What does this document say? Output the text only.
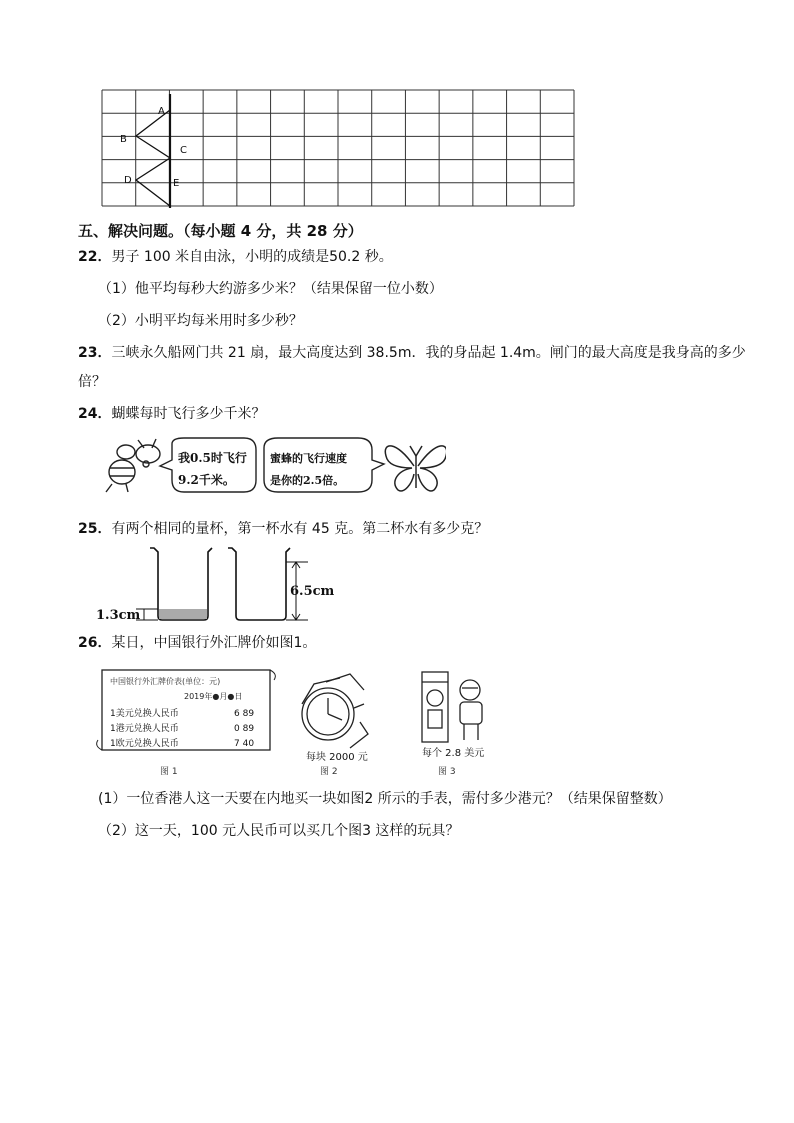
A
B
C
D	E
五、解决问题。（每小题 4 分，共 28 分）
22．男子 100 米自由泳，小明的成绩是50.2 秒。
（1）他平均每秒大约游多少米？（结果保留一位小数）
（2）小明平均每米用时多少秒？
23．三峡永久船网门共 21 扇，最大高度达到 38.5m．我的身品起 1.4m。闸门的最大高度是我身高的多少
倍？
24．蝴蝶每时飞行多少千米？
我0.5时飞行
9.2千米。
蜜蜂的飞行速度
是你的2.5倍。
25．有两个相同的量杯，第一杯水有 45 克。第二杯水有多少克？
1.3cm
6.5cm
26．某日，中国银行外汇牌价如图1。
中国银行外汇牌价表(单位：元)
2019年●月●日
1美元兑换人民币	6 89
1港元兑换人民币	0 89
1欧元兑换人民币	7 40
图 1
每块 2000 元
图 2
每个 2.8 美元
图 3
(1）一位香港人这一天要在内地买一块如图2 所示的手表，需付多少港元？（结果保留整数）
（2）这一天，100 元人民币可以买几个图3 这样的玩具？
